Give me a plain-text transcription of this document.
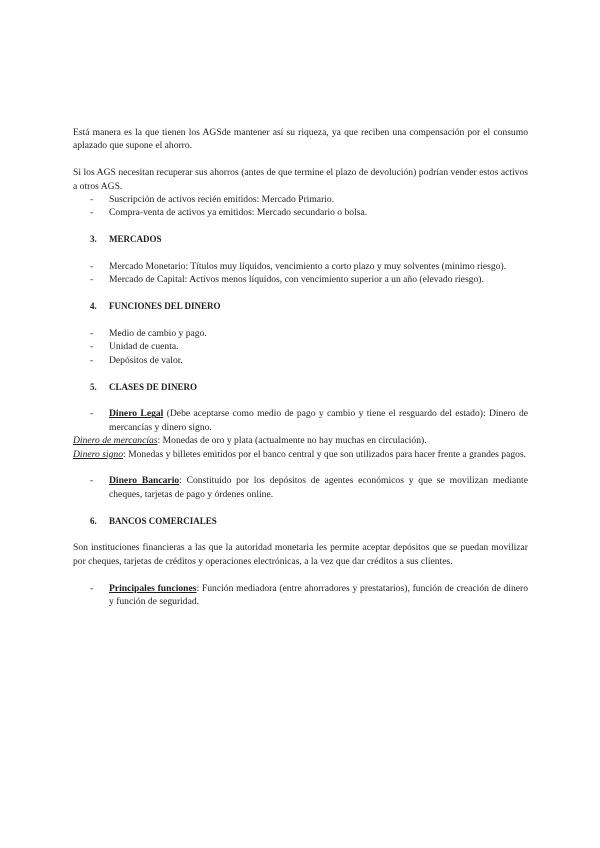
Está manera es la que tienen los AGSde mantener así su riqueza, ya que reciben una compensación por el consumo aplazado que supone el ahorro.

Si los AGS necesitan recuperar sus ahorros (antes de que termine el plazo de devolución) podrían vender estos activos a otros AGS.

- Suscripción de activos recién emitidos: Mercado Primario.
- Compra-venta de activos ya emitidos: Mercado secundario o bolsa.
3. MERCADOS
- Mercado Monetario: Títulos muy líquidos, vencimiento a corto plazo y muy solventes (mínimo riesgo).
- Mercado de Capital: Activos menos líquidos, con vencimiento superior a un año (elevado riesgo).
4. FUNCIONES DEL DINERO
- Medio de cambio y pago.
- Unidad de cuenta.
- Depósitos de valor.
5. CLASES DE DINERO
- Dinero Legal (Debe aceptarse como medio de pago y cambio y tiene el resguardo del estado): Dinero de mercancías y dinero signo.

Dinero de mercancías: Monedas de oro y plata (actualmente no hay muchas en circulación).

Dinero signo: Monedas y billetes emitidos por el banco central y que son utilizados para hacer frente a grandes pagos.

- Dinero Bancario: Constituido por los depósitos de agentes económicos y que se movilizan mediante cheques, tarjetas de pago y órdenes online.
6. BANCOS COMERCIALES

Son instituciones financieras a las que la autoridad monetaria les permite aceptar depósitos que se puedan movilizar por cheques, tarjetas de créditos y operaciones electrónicas, a la vez que dar créditos a sus clientes.

- Principales funciones: Función mediadora (entre ahorradores y prestatarios), función de creación de dinero y función de seguridad.
